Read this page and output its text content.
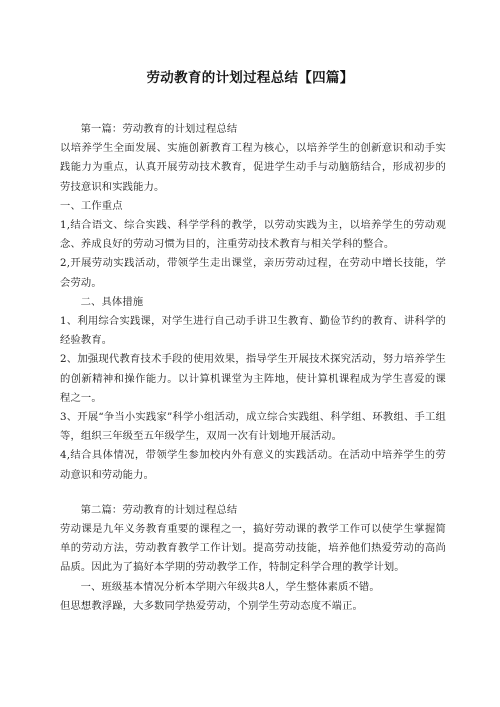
劳动教育的计划过程总结【四篇】

第一篇：劳动教育的计划过程总结

以培养学生全面发展、实施创新教育工程为核心，以培养学生的创新意识和动手实践能力为重点，认真开展劳动技术教育，促进学生动手与动脑筋结合，形成初步的劳技意识和实践能力。

一、工作重点

1,结合语文、综合实践、科学学科的教学，以劳动实践为主，以培养学生的劳动观念、养成良好的劳动习惯为目的，注重劳动技术教育与相关学科的整合。

2,开展劳动实践活动，带领学生走出课堂，亲历劳动过程，在劳动中增长技能，学会劳动。

二、具体措施

1、利用综合实践课，对学生进行自己动手讲卫生教育、勤俭节约的教育、讲科学的经验教育。

2、加强现代教育技术手段的使用效果，指导学生开展技术探究活动，努力培养学生的创新精神和操作能力。以计算机课堂为主阵地，使计算机课程成为学生喜爱的课程之一。

3、开展“争当小实践家”科学小组活动，成立综合实践组、科学组、环教组、手工组等，组织三年级至五年级学生，双周一次有计划地开展活动。

4,结合具体情况，带领学生参加校内外有意义的实践活动。在活动中培养学生的劳动意识和劳动能力。

第二篇：劳动教育的计划过程总结

劳动课是九年义务教育重要的课程之一，搞好劳动课的教学工作可以使学生掌握简单的劳动方法，劳动教育教学工作计划。提高劳动技能，培养他们热爱劳动的高尚品质。因此为了搞好本学期的劳动教学工作，特制定科学合理的教学计划。

一、班级基本情况分析本学期六年级共8人，学生整体素质不错。

但思想教浮躁，大多数同学热爱劳动，个别学生劳动态度不端正。
